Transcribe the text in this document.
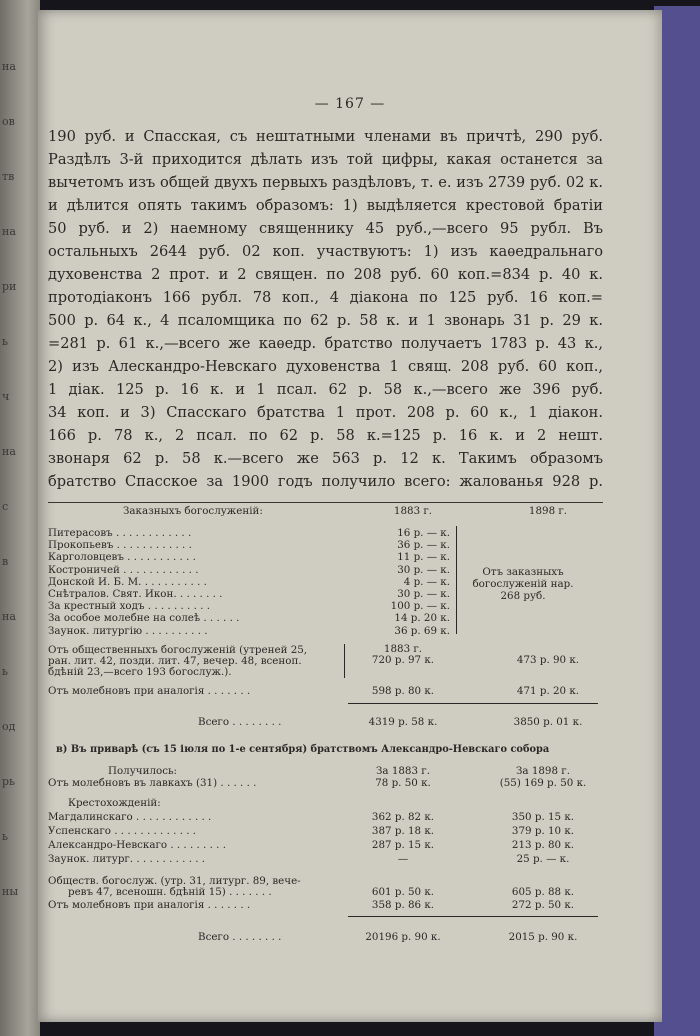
на
ов
тв
на
ри
ь
ч
на
с
в
на
ь
од
рь
ь
ны
— 167 —
190 руб. и Спасская, съ нештатными членами въ причтѣ, 290 руб.
Раздѣлъ 3-й приходится дѣлать изъ той цифры, какая останется за
вычетомъ изъ общей двухъ первыхъ раздѣловъ, т. е. изъ 2739 руб. 02 к.
и дѣлится опять такимъ образомъ: 1) выдѣляется крестовой братіи
50 руб. и 2) наемному священнику 45 руб.,—всего 95 рубл. Въ
остальныхъ 2644 руб. 02 коп. участвуютъ: 1) изъ каѳедральнаго
духовенства 2 прот. и 2 священ. по 208 руб. 60 коп.=834 р. 40 к.
протодіаконъ 166 рубл. 78 коп., 4 діакона по 125 руб. 16 коп.=
500 р. 64 к., 4 псаломщика по 62 р. 58 к. и 1 звонарь 31 р. 29 к.
=281 р. 61 к.,—всего же каѳедр. братство получаетъ 1783 р. 43 к.,
2) изъ Алескандро-Невскаго духовенства 1 свящ. 208 руб. 60 коп.,
1 діак. 125 р. 16 к. и 1 псал. 62 р. 58 к.,—всего же 396 руб.
34 коп. и 3) Спасскаго братства 1 прот. 208 р. 60 к., 1 діакон.
166 р. 78 к., 2 псал. по 62 р. 58 к.=125 р. 16 к. и 2 нешт.
звонаря 62 р. 58 к.—всего же 563 р. 12 к. Такимъ образомъ
братство Спасское за 1900 годъ получило всего: жалованья 928 р.
Заказныхъ богослуженій:	1883 г.	1898 г.
Питерасовъ . . . . . . . . . . . .	16 р. — к.
Прокопьевъ . . . . . . . . . . . .	36 р. — к.
Карголовцевъ . . . . . . . . . . .	11 р. — к.
Костроничей . . . . . . . . . . . .	30 р. — к.
Донской И. Б. М. . . . . . . . . . .	4 р. — к.
Снѣтралов. Свят. Икон. . . . . . . .	30 р. — к.
За крестный ходъ . . . . . . . . . .	100 р. — к.
За особое молебне на солеѣ . . . . . .	14 р. 20 к.
Заунок. литургію . . . . . . . . . .	36 р. 69 к.
Отъ заказныхъ богослуженій нар. 268 руб.
Отъ общественныхъ богослуженій (утреней 25,
ран. лит. 42, позди. лит. 47, вечер. 48, всеноп.
бдѣній 23,—всего 193 богослуж.).
1883 г.
720 р. 97 к.	473 р. 90 к.
Отъ молебновъ при аналогія . . . . . . .	598 р. 80 к.	471 р. 20 к.
Всего . . . . . . . .	4319 р. 58 к.	3850 р. 01 к.
в) Въ приварѣ (съ 15 іюля по 1-е сентября) братствомъ Александро-Невскаго собора
Получилось:	За 1883 г.	За 1898 г.
Отъ молебновъ въ лавкахъ (31) . . . . . .	78 р. 50 к.	(55) 169 р. 50 к.
Крестохожденій:
Магдалинскаго . . . . . . . . . . . .	362 р. 82 к.	350 р. 15 к.
Успенскаго . . . . . . . . . . . . .	387 р. 18 к.	379 р. 10 к.
Александро-Невскаго . . . . . . . . .	287 р. 15 к.	213 р. 80 к.
Заунок. литург. . . . . . . . . . . .	—	25 р. — к.
Обществ. богослуж. (утр. 31, литург. 89, вече-
ревъ 47, всеношн. бдѣній 15) . . . . . . .	601 р. 50 к.	605 р. 88 к.
Отъ молебновъ при аналогія . . . . . . .	358 р. 86 к.	272 р. 50 к.
Всего . . . . . . . .	20196 р. 90 к.	2015 р. 90 к.
